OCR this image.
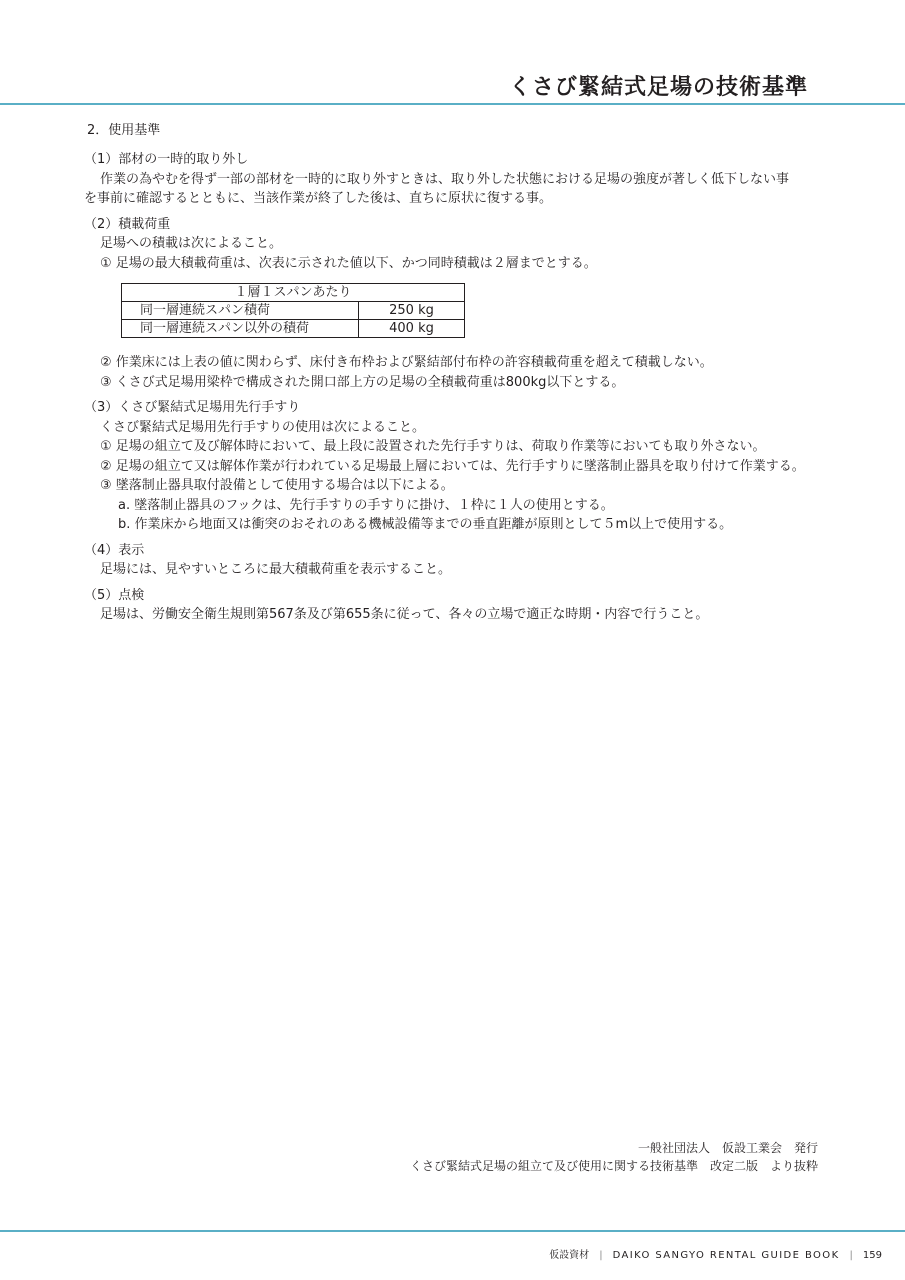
くさび緊結式足場の技術基準
2．使用基準
（1）部材の一時的取り外し
作業の為やむを得ず一部の部材を一時的に取り外すときは、取り外した状態における足場の強度が著しく低下しない事
を事前に確認するとともに、当該作業が終了した後は、直ちに原状に復する事。
（2）積載荷重
足場への積載は次によること。
① 足場の最大積載荷重は、次表に示された値以下、かつ同時積載は２層までとする。
１層１スパンあたり	
同一層連続スパン積荷	250 kg
同一層連続スパン以外の積荷	400 kg
② 作業床には上表の値に関わらず、床付き布枠および緊結部付布枠の許容積載荷重を超えて積載しない。
③ くさび式足場用梁枠で構成された開口部上方の足場の全積載荷重は800kg以下とする。
（3）くさび緊結式足場用先行手すり
くさび緊結式足場用先行手すりの使用は次によること。
① 足場の組立て及び解体時において、最上段に設置された先行手すりは、荷取り作業等においても取り外さない。
② 足場の組立て又は解体作業が行われている足場最上層においては、先行手すりに墜落制止器具を取り付けて作業する。
③ 墜落制止器具取付設備として使用する場合は以下による。
a. 墜落制止器具のフックは、先行手すりの手すりに掛け、１枠に１人の使用とする。
b. 作業床から地面又は衝突のおそれのある機械設備等までの垂直距離が原則として５m以上で使用する。
（4）表示
足場には、見やすいところに最大積載荷重を表示すること。
（5）点検
足場は、労働安全衛生規則第567条及び第655条に従って、各々の立場で適正な時期・内容で行うこと。
一般社団法人　仮設工業会　発行
くさび緊結式足場の組立て及び使用に関する技術基準　改定二版　より抜粋
仮設資材 | DAIKO SANGYO RENTAL GUIDE BOOK | 159
